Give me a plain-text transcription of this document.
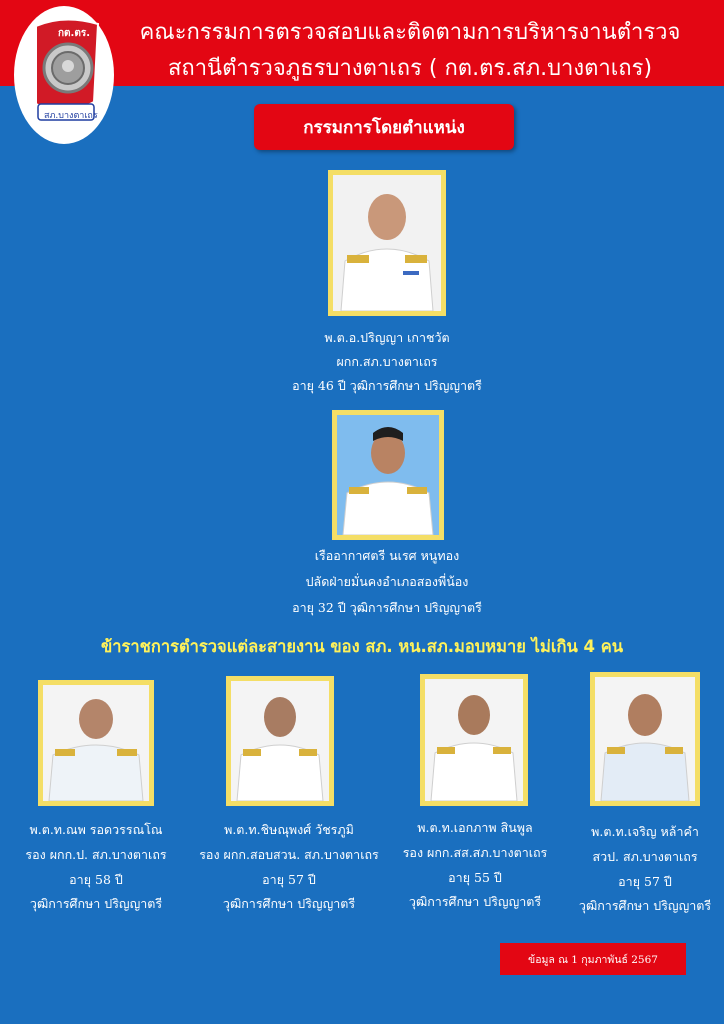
คณะกรรมการตรวจสอบและติดตามการบริหารงานตำรวจ
สถานีตำรวจภูธรบางตาเถร ( กต.ตร.สภ.บางตาเถร)
กต.ตร.
สภ.บางตาเถร
กรรมการโดยตำแหน่ง
พ.ต.อ.ปริญญา เกาชวัต
ผกก.สภ.บางตาเถร
อายุ 46 ปี วุฒิการศึกษา ปริญญาตรี
เรืออากาศตรี นเรศ หนูทอง
ปลัดฝ่ายมั่นคงอำเภอสองพี่น้อง
อายุ 32 ปี วุฒิการศึกษา ปริญญาตรี
ข้าราชการตำรวจแต่ละสายงาน ของ สภ. หน.สภ.มอบหมาย ไม่เกิน 4 คน
พ.ต.ท.ณพ รอดวรรณโณ
รอง ผกก.ป. สภ.บางตาเถร
อายุ 58 ปี
วุฒิการศึกษา ปริญญาตรี
พ.ต.ท.ชิษณุพงศ์ วัชรภูมิ
รอง ผกก.สอบสวน. สภ.บางตาเถร
อายุ 57 ปี
วุฒิการศึกษา ปริญญาตรี
พ.ต.ท.เอกภาพ สินพูล
รอง ผกก.สส.สภ.บางตาเถร
อายุ 55 ปี
วุฒิการศึกษา ปริญญาตรี
พ.ต.ท.เจริญ หล้าคำ
สวป. สภ.บางตาเถร
อายุ 57 ปี
วุฒิการศึกษา ปริญญาตรี
ข้อมูล ณ 1 กุมภาพันธ์ 2567
